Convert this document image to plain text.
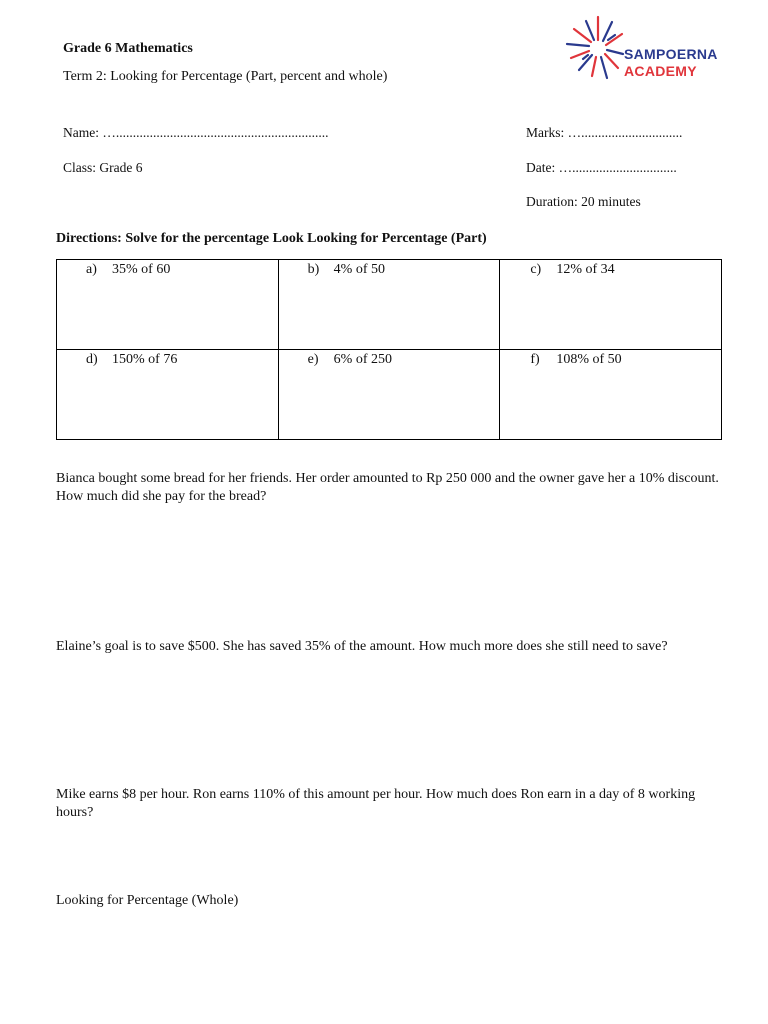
Grade 6 Mathematics
Term 2: Looking for Percentage (Part, percent and whole)
SAMPOERNA
ACADEMY
Name: …...............................................................	Marks: …..............................
Class: Grade 6	Date: …...............................
Duration: 20 minutes
Directions: Solve for the percentage Look Looking for Percentage (Part)
a) 35% of 60	b) 4% of 50	c) 12% of 34

d) 150% of 76	e) 6% of 250	f) 108% of 50
Bianca bought some bread for her friends. Her order amounted to Rp 250 000 and the owner gave her a 10% discount. How much did she pay for the bread?
Elaine’s goal is to save $500. She has saved 35% of the amount. How much more does she still need to save?
Mike earns $8 per hour. Ron earns 110% of this amount per hour. How much does Ron earn in a day of 8 working hours?
Looking for Percentage (Whole)
